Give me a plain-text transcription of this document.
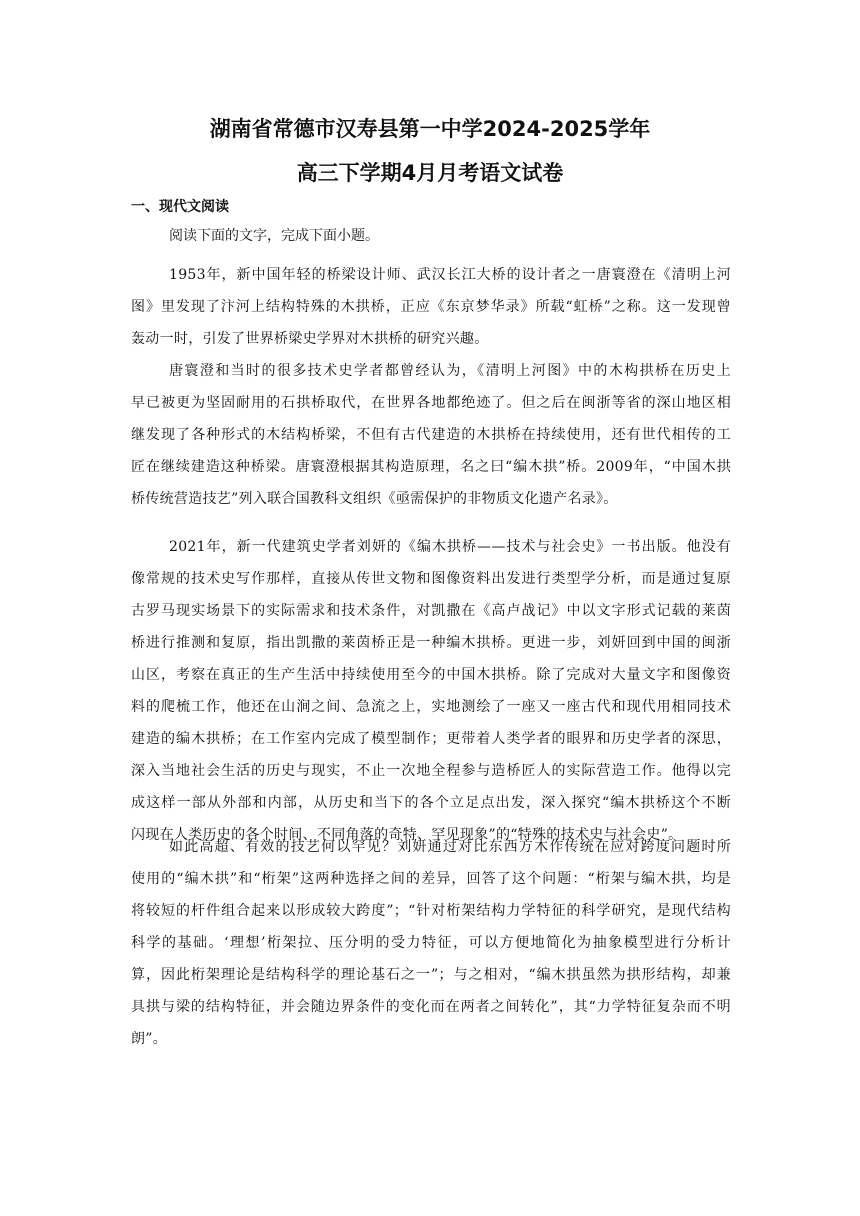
湖南省常德市汉寿县第一中学2024-2025学年
高三下学期4月月考语文试卷
一、现代文阅读
阅读下面的文字，完成下面小题。
1953年，新中国年轻的桥梁设计师、武汉长江大桥的设计者之一唐寰澄在《清明上河
图》里发现了汴河上结构特殊的木拱桥，正应《东京梦华录》所载“虹桥”之称。这一发现曾
轰动一时，引发了世界桥梁史学界对木拱桥的研究兴趣。
唐寰澄和当时的很多技术史学者都曾经认为，《清明上河图》中的木构拱桥在历史上
早已被更为坚固耐用的石拱桥取代，在世界各地都绝迹了。但之后在闽浙等省的深山地区相
继发现了各种形式的木结构桥梁，不但有古代建造的木拱桥在持续使用，还有世代相传的工
匠在继续建造这种桥梁。唐寰澄根据其构造原理，名之曰“编木拱”桥。2009年，“中国木拱
桥传统营造技艺”列入联合国教科文组织《亟需保护的非物质文化遗产名录》。
2021年，新一代建筑史学者刘妍的《编木拱桥——技术与社会史》一书出版。他没有
像常规的技术史写作那样，直接从传世文物和图像资料出发进行类型学分析，而是通过复原
古罗马现实场景下的实际需求和技术条件，对凯撒在《高卢战记》中以文字形式记载的莱茵
桥进行推测和复原，指出凯撒的莱茵桥正是一种编木拱桥。更进一步，刘妍回到中国的闽浙
山区，考察在真正的生产生活中持续使用至今的中国木拱桥。除了完成对大量文字和图像资
料的爬梳工作，他还在山涧之间、急流之上，实地测绘了一座又一座古代和现代用相同技术
建造的编木拱桥；在工作室内完成了模型制作；更带着人类学者的眼界和历史学者的深思，
深入当地社会生活的历史与现实，不止一次地全程参与造桥匠人的实际营造工作。他得以完
成这样一部从外部和内部，从历史和当下的各个立足点出发，深入探究“编木拱桥这个不断
闪现在人类历史的各个时间、不同角落的奇特、罕见现象”的“特殊的技术史与社会史”。
如此高超、有效的技艺何以罕见？刘妍通过对比东西方木作传统在应对跨度问题时所
使用的“编木拱”和“桁架”这两种选择之间的差异，回答了这个问题：“桁架与编木拱，均是
将较短的杆件组合起来以形成较大跨度”；“针对桁架结构力学特征的科学研究，是现代结构
科学的基础。‘理想’桁架拉、压分明的受力特征，可以方便地简化为抽象模型进行分析计
算，因此桁架理论是结构科学的理论基石之一”；与之相对，“编木拱虽然为拱形结构，却兼
具拱与梁的结构特征，并会随边界条件的变化而在两者之间转化”，其“力学特征复杂而不明
朗”。
